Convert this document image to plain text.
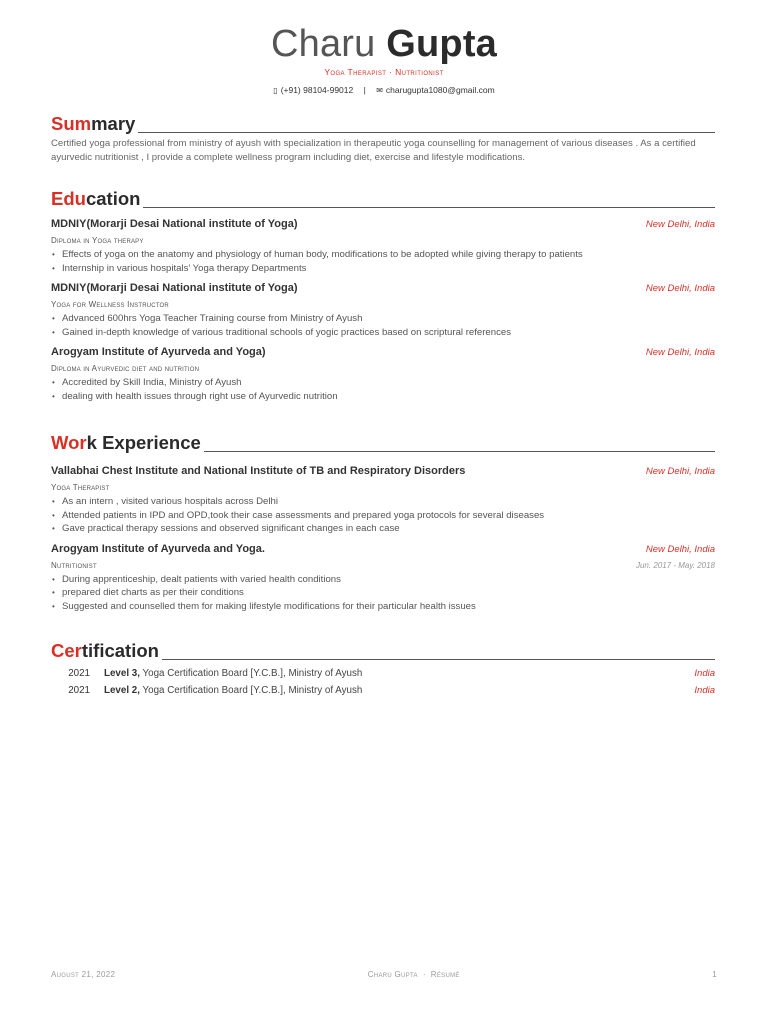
Charu Gupta
Yoga Therapist · Nutritionist
▯ (+91) 98104-99012 | ✉ charugupta1080@gmail.com
Summary
Certified yoga professional from ministry of ayush with specialization in therapeutic yoga counselling for management of various diseases . As a certified ayurvedic nutritionist , I provide a complete wellness program including diet, exercise and lifestyle modifications.
Education
MDNIY(Morarji Desai National institute of Yoga)	New Delhi, India
Diploma in Yoga therapy
• Effects of yoga on the anatomy and physiology of human body, modifications to be adopted while giving therapy to patients
• Internship in various hospitals’ Yoga therapy Departments
MDNIY(Morarji Desai National institute of Yoga)	New Delhi, India
Yoga for Wellness Instructor
• Advanced 600hrs Yoga Teacher Training course from Ministry of Ayush
• Gained in-depth knowledge of various traditional schools of yogic practices based on scriptural references
Arogyam Institute of Ayurveda and Yoga)	New Delhi, India
Diploma in Ayurvedic diet and nutrition
• Accredited by Skill India, Ministry of Ayush
• dealing with health issues through right use of Ayurvedic nutrition
Work Experience
Vallabhai Chest Institute and National Institute of TB and Respiratory Disorders	New Delhi, India
Yoga Therapist
• As an intern , visited various hospitals across Delhi
• Attended patients in IPD and OPD,took their case assessments and prepared yoga protocols for several diseases
• Gave practical therapy sessions and observed significant changes in each case
Arogyam Institute of Ayurveda and Yoga.	New Delhi, India
Nutritionist	Jun. 2017 - May. 2018
• During apprenticeship, dealt patients with varied health conditions
• prepared diet charts as per their conditions
• Suggested and counselled them for making lifestyle modifications for their particular health issues
Certification
2021 Level 3, Yoga Certification Board [Y.C.B.], Ministry of Ayush	India
2021 Level 2, Yoga Certification Board [Y.C.B.], Ministry of Ayush	India
August 21, 2022	Charu Gupta · Résumé	1
